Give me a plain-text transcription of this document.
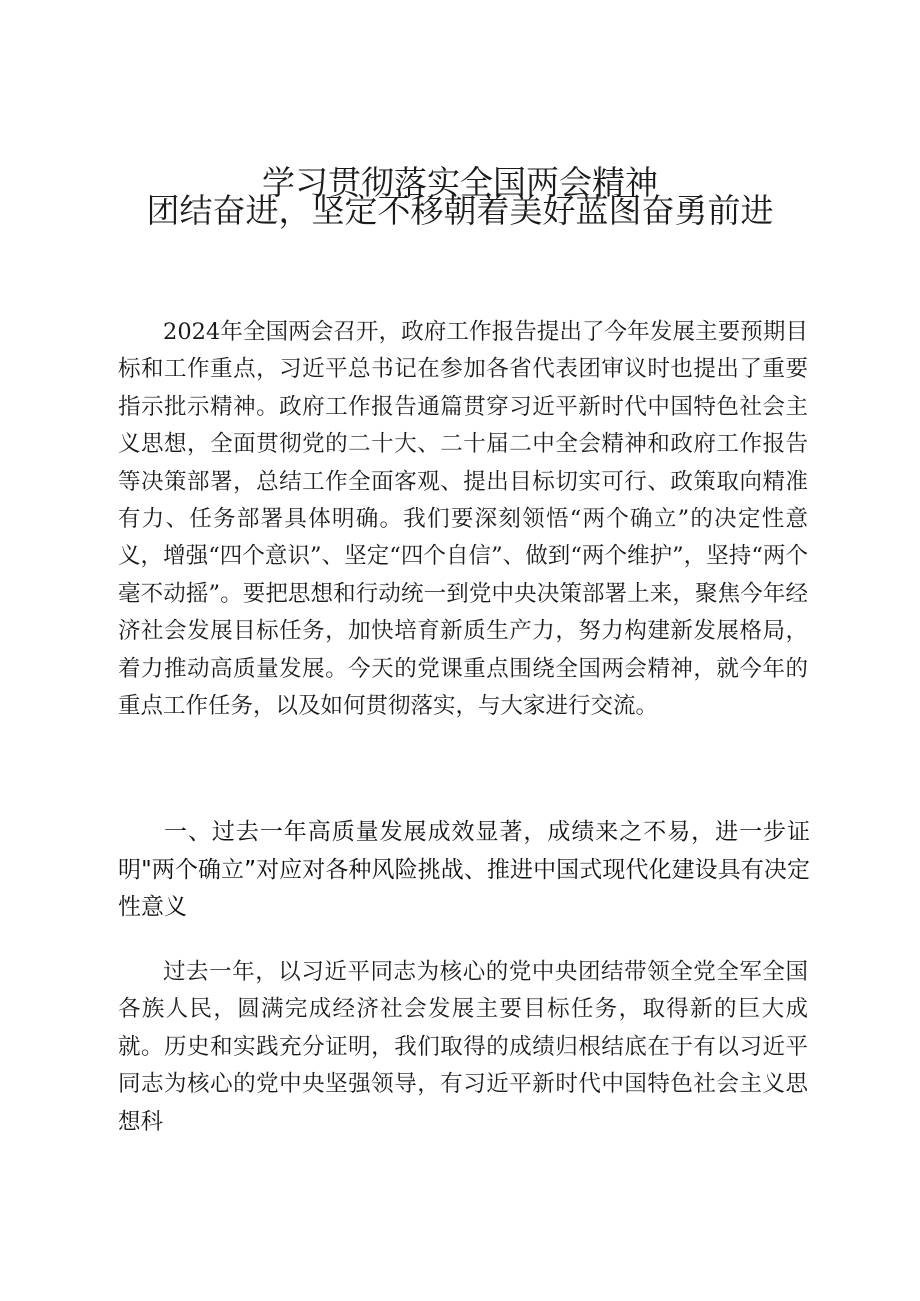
学习贯彻落实全国两会精神
团结奋进，坚定不移朝着美好蓝图奋勇前进

2024年全国两会召开，政府工作报告提出了今年发展主要预期目标和工作重点，习近平总书记在参加各省代表团审议时也提出了重要指示批示精神。政府工作报告通篇贯穿习近平新时代中国特色社会主义思想，全面贯彻党的二十大、二十届二中全会精神和政府工作报告等决策部署，总结工作全面客观、提出目标切实可行、政策取向精准有力、任务部署具体明确。我们要深刻领悟“两个确立”的决定性意义，增强“四个意识”、坚定“四个自信”、做到“两个维护”，坚持“两个毫不动摇”。要把思想和行动统一到党中央决策部署上来，聚焦今年经济社会发展目标任务，加快培育新质生产力，努力构建新发展格局，着力推动高质量发展。今天的党课重点围绕全国两会精神，就今年的重点工作任务，以及如何贯彻落实，与大家进行交流。

一、过去一年高质量发展成效显著，成绩来之不易，进一步证明"两个确立”对应对各种风险挑战、推进中国式现代化建设具有决定性意义

过去一年，以习近平同志为核心的党中央团结带领全党全军全国各族人民，圆满完成经济社会发展主要目标任务，取得新的巨大成就。历史和实践充分证明，我们取得的成绩归根结底在于有以习近平同志为核心的党中央坚强领导，有习近平新时代中国特色社会主义思想科
